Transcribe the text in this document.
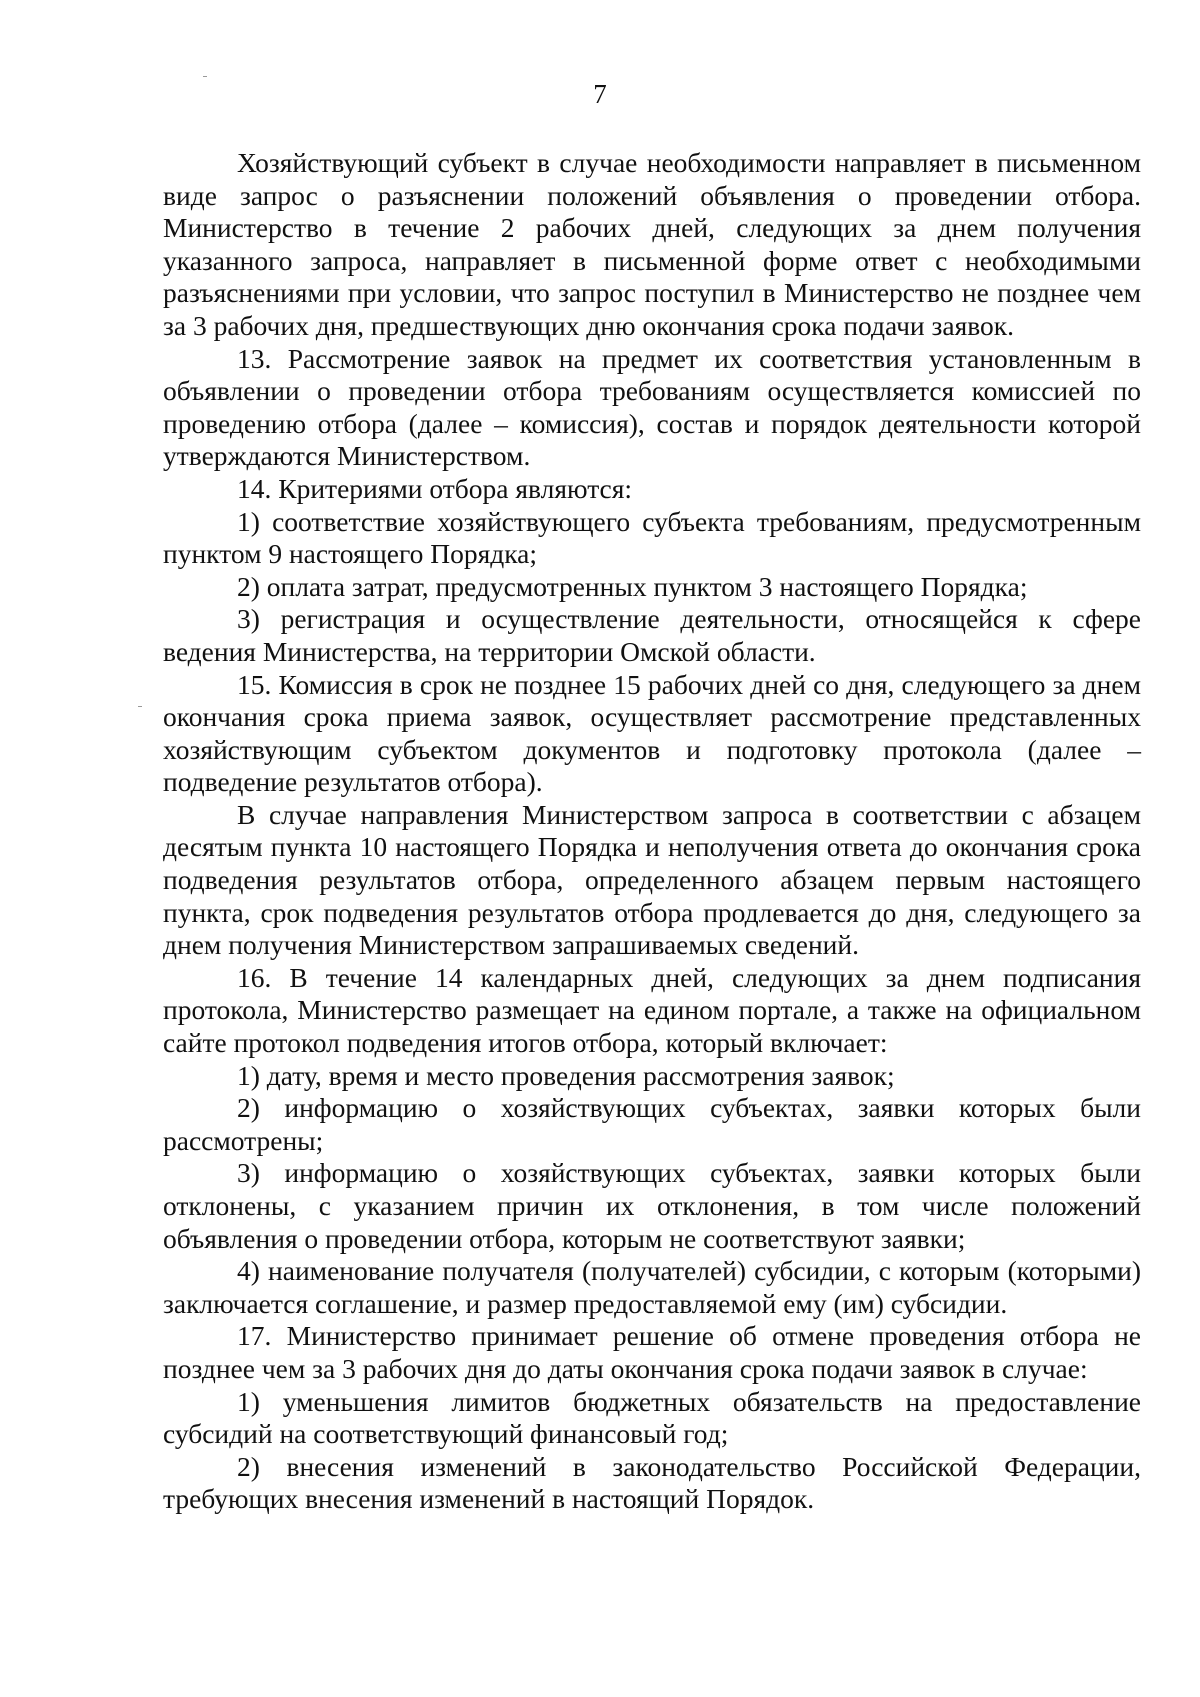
7

Хозяйствующий субъект в случае необходимости направляет в письменном виде запрос о разъяснении положений объявления о проведении отбора. Министерство в течение 2 рабочих дней, следующих за днем получения указанного запроса, направляет в письменной форме ответ с необходимыми разъяснениями при условии, что запрос поступил в Министерство не позднее чем за 3 рабочих дня, предшествующих дню окончания срока подачи заявок.

13. Рассмотрение заявок на предмет их соответствия установленным в объявлении о проведении отбора требованиям осуществляется комиссией по проведению отбора (далее – комиссия), состав и порядок деятельности которой утверждаются Министерством.

14. Критериями отбора являются:

1) соответствие хозяйствующего субъекта требованиям, предусмотренным пунктом 9 настоящего Порядка;

2) оплата затрат, предусмотренных пунктом 3 настоящего Порядка;

3) регистрация и осуществление деятельности, относящейся к сфере ведения Министерства, на территории Омской области.

15. Комиссия в срок не позднее 15 рабочих дней со дня, следующего за днем окончания срока приема заявок, осуществляет рассмотрение представленных хозяйствующим субъектом документов и подготовку протокола (далее – подведение результатов отбора).

В случае направления Министерством запроса в соответствии с абзацем десятым пункта 10 настоящего Порядка и неполучения ответа до окончания срока подведения результатов отбора, определенного абзацем первым настоящего пункта, срок подведения результатов отбора продлевается до дня, следующего за днем получения Министерством запрашиваемых сведений.

16. В течение 14 календарных дней, следующих за днем подписания протокола, Министерство размещает на едином портале, а также на официальном сайте протокол подведения итогов отбора, который включает:

1) дату, время и место проведения рассмотрения заявок;

2) информацию о хозяйствующих субъектах, заявки которых были рассмотрены;

3) информацию о хозяйствующих субъектах, заявки которых были отклонены, с указанием причин их отклонения, в том числе положений объявления о проведении отбора, которым не соответствуют заявки;

4) наименование получателя (получателей) субсидии, с которым (которыми) заключается соглашение, и размер предоставляемой ему (им) субсидии.

17. Министерство принимает решение об отмене проведения отбора не позднее чем за 3 рабочих дня до даты окончания срока подачи заявок в случае:

1) уменьшения лимитов бюджетных обязательств на предоставление субсидий на соответствующий финансовый год;

2) внесения изменений в законодательство Российской Федерации, требующих внесения изменений в настоящий Порядок.
